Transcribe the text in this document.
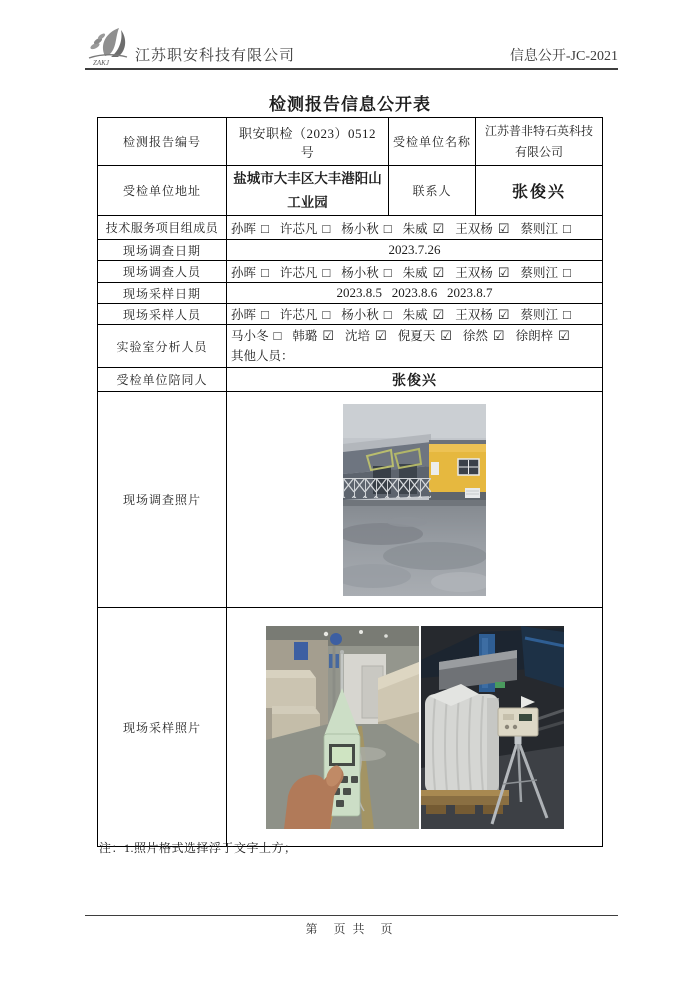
ZAKJ 江苏职安科技有限公司	信息公开-JC-2021
检测报告信息公开表
检测报告编号	职安职检（2023）0512 号	受检单位名称	江苏普非特石英科技有限公司
受检单位地址	盐城市大丰区大丰港阳山工业园	联系人	张俊兴
技术服务项目组成员	孙晖 □ 许芯凡 □ 杨小秋 □ 朱威 ☑ 王双杨 ☑ 蔡则江 □		
现场调查日期	2023.7.26		
现场调查人员	孙晖 □ 许芯凡 □ 杨小秋 □ 朱威 ☑ 王双杨 ☑ 蔡则江 □		
现场采样日期	2023.8.5   2023.8.6   2023.8.7		
现场采样人员	孙晖 □ 许芯凡 □ 杨小秋 □ 朱威 ☑ 王双杨 ☑ 蔡则江 □		
实验室分析人员	马小冬 □ 韩璐 ☑ 沈培 ☑ 倪夏天 ☑ 徐然 ☑ 徐朗梓 ☑
其他人员：		

受检单位陪同人	张俊兴		
现场调查照片	

现场采样照片	
注：1.照片格式选择浮于文字上方；
第　页 共　页
